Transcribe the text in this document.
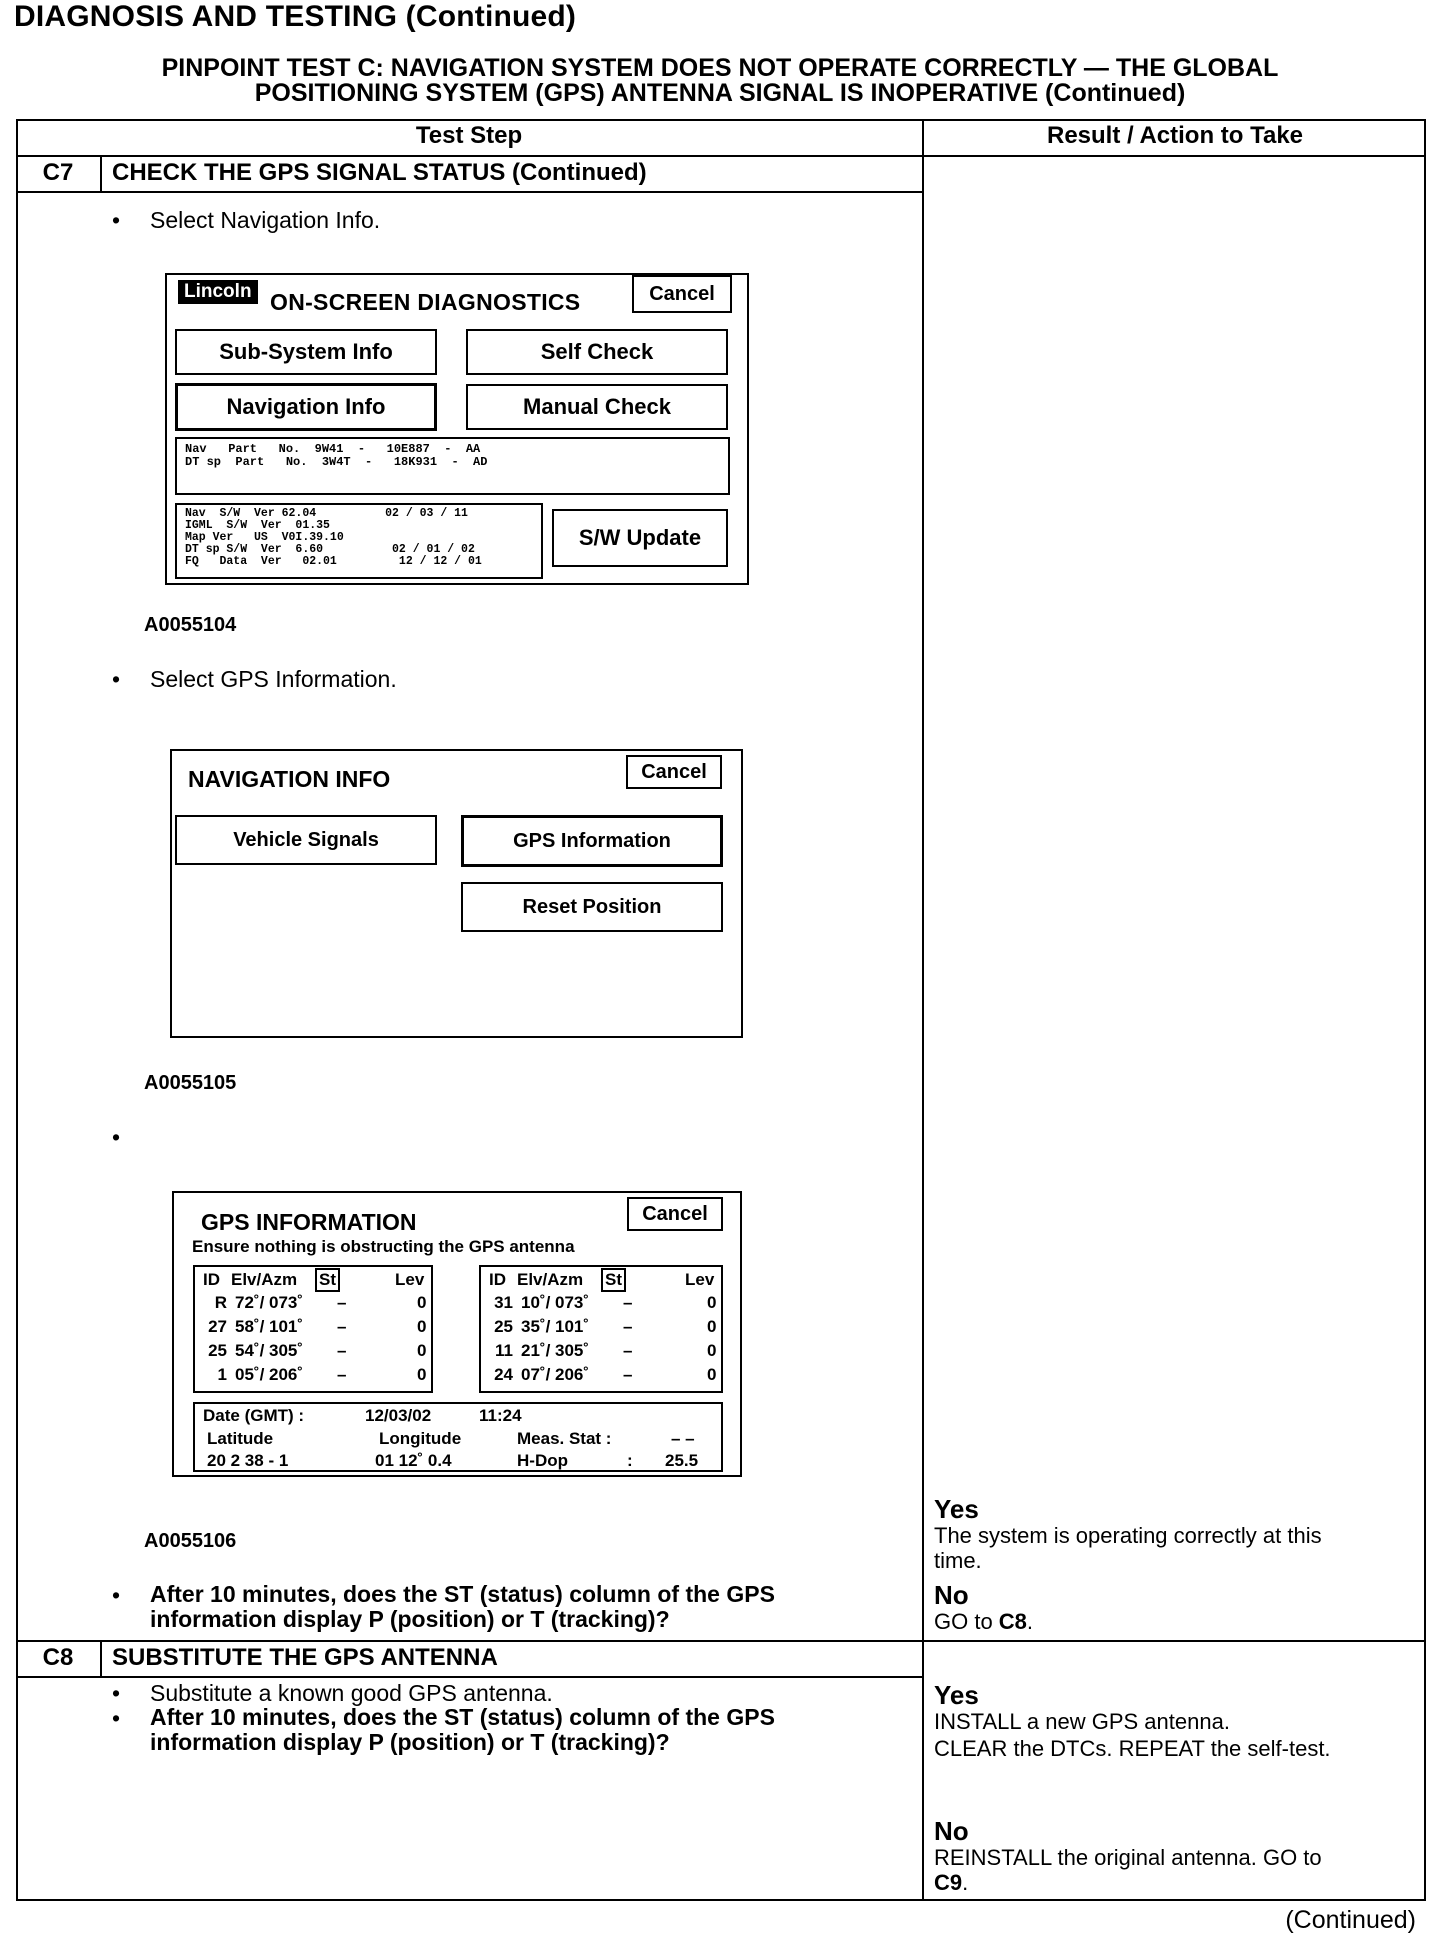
DIAGNOSIS AND TESTING (Continued)
PINPOINT TEST C: NAVIGATION SYSTEM DOES NOT OPERATE CORRECTLY — THE GLOBAL
POSITIONING SYSTEM (GPS) ANTENNA SIGNAL IS INOPERATIVE (Continued)
Test Step	Result / Action to Take
C7	CHECK THE GPS SIGNAL STATUS (Continued)
• Select Navigation Info.
Lincoln ON-SCREEN DIAGNOSTICS	Cancel
Sub-System Info	Self Check
Navigation Info	Manual Check
Nav   Part   No.  9W41  -   10E887  -  AA
DT sp  Part   No.  3W4T  -   18K931  -  AD
Nav  S/W  Ver 62.04          02 / 03 / 11
IGML  S/W  Ver  01.35
Map Ver   US  V0I.39.10
DT sp S/W  Ver  6.60          02 / 01 / 02
FQ   Data  Ver   02.01         12 / 12 / 01
S/W Update
A0055104
• Select GPS Information.
NAVIGATION INFO	Cancel
Vehicle Signals	GPS Information
Reset Position
A0055105
•
GPS INFORMATION	Cancel
Ensure nothing is obstructing the GPS antenna
ID Elv/Azm St	Lev
R 72˚/ 073˚ –	0
27 58˚/ 101˚ –	0
25 54˚/ 305˚ –	0
1 05˚/ 206˚ –	0
ID Elv/Azm St	Lev
31 10˚/ 073˚ –	0
25 35˚/ 101˚ –	0
11 21˚/ 305˚ –	0
24 07˚/ 206˚ –	0
Date (GMT) :	12/03/02	11:24
Latitude	Longitude	Meas. Stat :	– –
20 2 38 - 1	01 12˚ 0.4	H-Dop	: 25.5
A0055106
• After 10 minutes, does the ST (status) column of the GPS
information display P (position) or T (tracking)?
Yes
The system is operating correctly at this
time.
No
GO to C8.
C8	SUBSTITUTE THE GPS ANTENNA
• Substitute a known good GPS antenna.
• After 10 minutes, does the ST (status) column of the GPS
information display P (position) or T (tracking)?
Yes
INSTALL a new GPS antenna.
CLEAR the DTCs. REPEAT the self-test.
No
REINSTALL the original antenna. GO to
C9.
(Continued)
